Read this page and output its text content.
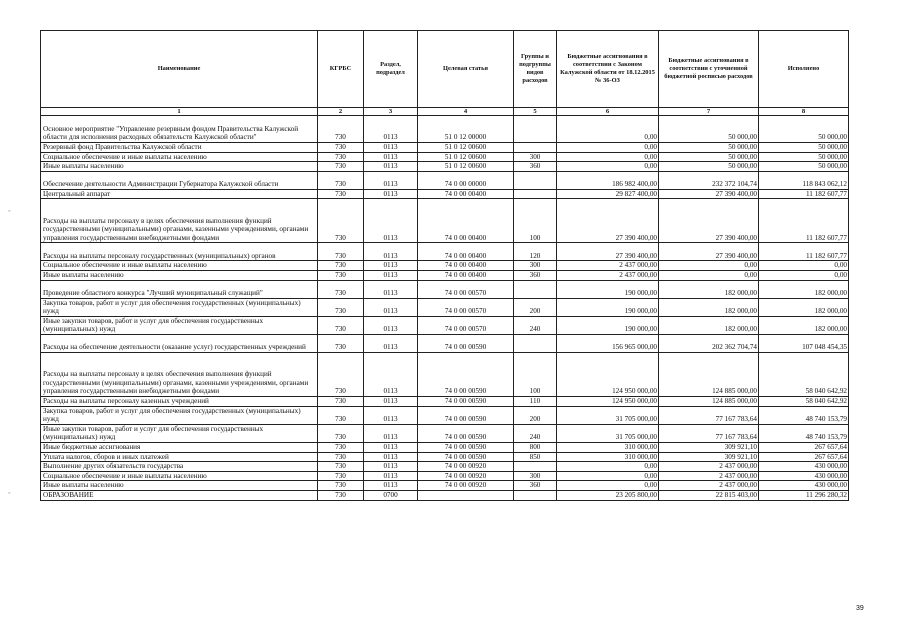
Наименование	КГРБС	Раздел, подраздел	Целевая статья	Группы и подгруппы видов расходов	Бюджетные ассигнования в соответствии с Законом Калужской области от 18.12.2015 № 36-ОЗ	Бюджетные ассигнования в соответствии с уточненной бюджетной росписью расходов	Исполнено
1	2	3	4	5	6	7	8
Основное мероприятие "Управление резервным фондом Правительства Калужской области для исполнения расходных обязательств Калужской области"	730	0113	51 0 12 00000		0,00	50 000,00	50 000,00
Резервный фонд Правительства Калужской области	730	0113	51 0 12 00600		0,00	50 000,00	50 000,00
Социальное обеспечение и иные выплаты населению	730	0113	51 0 12 00600	300	0,00	50 000,00	50 000,00
Иные выплаты населению	730	0113	51 0 12 00600	360	0,00	50 000,00	50 000,00
Обеспечение деятельности Администрации Губернатора Калужской области	730	0113	74 0 00 00000		186 982 400,00	232 372 104,74	118 843 062,12
Центральный аппарат	730	0113	74 0 00 00400		29 827 400,00	27 390 400,00	11 182 607,77
Расходы на выплаты персоналу в целях обеспечения выполнения функций государственными (муниципальными) органами, казенными учреждениями, органами управления государственными внебюджетными фондами	730	0113	74 0 00 00400	100	27 390 400,00	27 390 400,00	11 182 607,77
Расходы на выплаты персоналу государственных (муниципальных) органов	730	0113	74 0 00 00400	120	27 390 400,00	27 390 400,00	11 182 607,77
Социальное обеспечение и иные выплаты населению	730	0113	74 0 00 00400	300	2 437 000,00	0,00	0,00
Иные выплаты населению	730	0113	74 0 00 00400	360	2 437 000,00	0,00	0,00
Проведение областного конкурса "Лучший муниципальный служащий"	730	0113	74 0 00 00570		190 000,00	182 000,00	182 000,00
Закупка товаров, работ и услуг для обеспечения государственных (муниципальных) нужд	730	0113	74 0 00 00570	200	190 000,00	182 000,00	182 000,00
Иные закупки товаров, работ и услуг для обеспечения государственных (муниципальных) нужд	730	0113	74 0 00 00570	240	190 000,00	182 000,00	182 000,00
Расходы на обеспечение деятельности (оказание услуг) государственных учреждений	730	0113	74 0 00 00590		156 965 000,00	202 362 704,74	107 048 454,35
Расходы на выплаты персоналу в целях обеспечения выполнения функций государственными (муниципальными) органами, казенными учреждениями, органами управления государственными внебюджетными фондами	730	0113	74 0 00 00590	100	124 950 000,00	124 885 000,00	58 040 642,92
Расходы на выплаты персоналу казенных учреждений	730	0113	74 0 00 00590	110	124 950 000,00	124 885 000,00	58 040 642,92
Закупка товаров, работ и услуг для обеспечения государственных (муниципальных) нужд	730	0113	74 0 00 00590	200	31 705 000,00	77 167 783,64	48 740 153,79
Иные закупки товаров, работ и услуг для обеспечения государственных (муниципальных) нужд	730	0113	74 0 00 00590	240	31 705 000,00	77 167 783,64	48 740 153,79
Иные бюджетные ассигнования	730	0113	74 0 00 00590	800	310 000,00	309 921,10	267 657,64
Уплата налогов, сборов и иных платежей	730	0113	74 0 00 00590	850	310 000,00	309 921,10	267 657,64
Выполнение других обязательств государства	730	0113	74 0 00 00920		0,00	2 437 000,00	430 000,00
Социальное обеспечение и иные выплаты населению	730	0113	74 0 00 00920	300	0,00	2 437 000,00	430 000,00
Иные выплаты населению	730	0113	74 0 00 00920	360	0,00	2 437 000,00	430 000,00
ОБРАЗОВАНИЕ	730	0700			23 205 800,00	22 815 403,00	11 296 280,32
39
◦
◦
